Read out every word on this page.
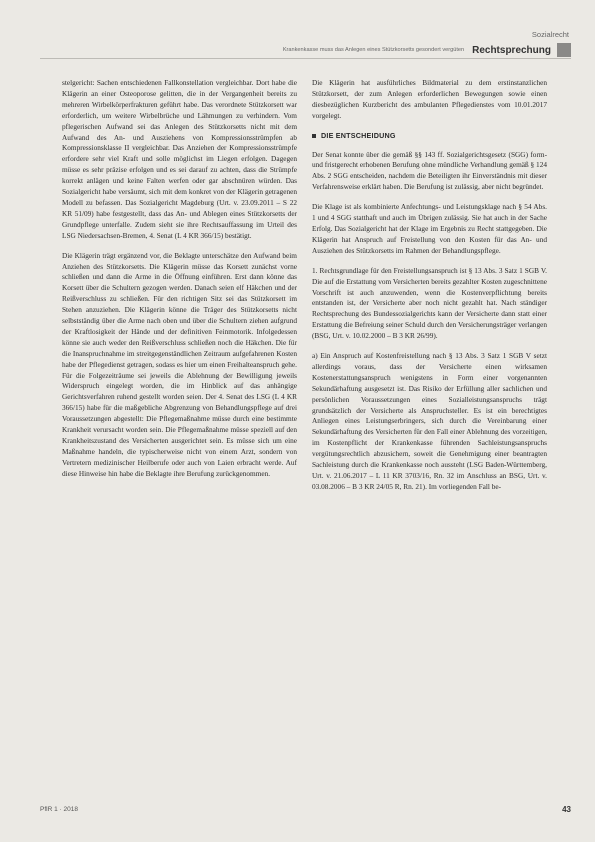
Sozialrecht
Krankenkasse muss das Anlegen eines Stützkorsetts gesondert vergüten Rechtsprechung

stelgericht: Sachen entschiedenen Fallkonstellation vergleichbar. Dort habe die Klägerin an einer Osteoporose gelitten, die in der Vergangenheit bereits zu mehreren Wirbelkörperfrakturen geführt habe. Das verordnete Stützkorsett war erforderlich, um weitere Wirbelbrüche und Lähmungen zu verhindern. Vom pflegerischen Aufwand sei das Anlegen des Stützkorsetts nicht mit dem Aufwand des An- und Ausziehens von Kompressionsstrümpfen ab Kompressionsklasse II vergleichbar. Das Anziehen der Kompressionsstrümpfe erfordere sehr viel Kraft und solle möglichst im Liegen erfolgen. Dagegen müsse es sehr präzise erfolgen und es sei darauf zu achten, dass die Strümpfe korrekt anlägen und keine Falten werfen oder gar abschnüren würden. Das Sozialgericht habe versäumt, sich mit dem konkret von der Klägerin getragenen Modell zu befassen. Das Sozialgericht Magdeburg (Urt. v. 23.09.2011 – S 22 KR 51/09) habe festgestellt, dass das An- und Ablegen eines Stützkorsetts der Grundpflege unterfalle. Zudem sieht sie ihre Rechtsauffassung im Urteil des LSG Niedersachsen-Bremen, 4. Senat (L 4 KR 366/15) bestätigt.

Die Klägerin trägt ergänzend vor, die Beklagte unterschätze den Aufwand beim Anziehen des Stützkorsetts. Die Klägerin müsse das Korsett zunächst vorne schließen und dann die Arme in die Öffnung einführen. Erst dann könne das Korsett über die Schultern gezogen werden. Danach seien elf Häkchen und der Reißverschluss zu schließen. Für den richtigen Sitz sei das Stützkorsett im Stehen anzuziehen. Die Klägerin könne die Träger des Stützkorsetts nicht selbstständig über die Arme nach oben und über die Schultern ziehen aufgrund der Kraftlosigkeit der Hände und der definitiven Feinmotorik. Infolgedessen könne sie auch weder den Reißverschluss schließen noch die Häkchen. Die für die Inanspruchnahme im streitgegenständlichen Zeitraum aufgefahrenen Kosten habe der Pflegedienst getragen, sodass es hier um einen Freihalteanspruch gehe. Für die Folgezeiträume sei jeweils die Ablehnung der Bewilligung jeweils Widerspruch eingelegt worden, die im Hinblick auf das anhängige Gerichtsverfahren ruhend gestellt worden seien. Der 4. Senat des LSG (L 4 KR 366/15) habe für die maßgebliche Abgrenzung von Behandlungspflege auf drei Voraussetzungen abgestellt: Die Pflegemaßnahme müsse durch eine bestimmte Krankheit verursacht worden sein. Die Pflegemaßnahme müsse speziell auf den Krankheitszustand des Versicherten ausgerichtet sein. Es müsse sich um eine Maßnahme handeln, die typischerweise nicht von einem Arzt, sondern von Vertretern medizinischer Heilberufe oder auch von Laien erbracht werde. Auf diese Hinweise hin habe die Beklagte ihre Berufung zurückgenommen.

Die Klägerin hat ausführliches Bildmaterial zu dem erstinstanzlichen Stützkorsett, der zum Anlegen erforderlichen Bewegungen sowie einen diesbezüglichen Kurzbericht des ambulanten Pflegedienstes vom 10.01.2017 vorgelegt.

DIE ENTSCHEIDUNG

Der Senat konnte über die gemäß §§ 143 ff. Sozialgerichtsgesetz (SGG) form- und fristgerecht erhobenen Berufung ohne mündliche Verhandlung gemäß § 124 Abs. 2 SGG entscheiden, nachdem die Beteiligten ihr Einverständnis mit dieser Verfahrensweise erklärt haben. Die Berufung ist zulässig, aber nicht begründet.

Die Klage ist als kombinierte Anfechtungs- und Leistungsklage nach § 54 Abs. 1 und 4 SGG statthaft und auch im Übrigen zulässig. Sie hat auch in der Sache Erfolg. Das Sozialgericht hat der Klage im Ergebnis zu Recht stattgegeben. Die Klägerin hat Anspruch auf Freistellung von den Kosten für das An- und Ausziehen des Stützkorsetts im Rahmen der Behandlungspflege.

1. Rechtsgrundlage für den Freistellungsanspruch ist § 13 Abs. 3 Satz 1 SGB V. Die auf die Erstattung vom Versicherten bereits gezahlter Kosten zugeschnittene Vorschrift ist auch anzuwenden, wenn die Kostenverpflichtung bereits entstanden ist, der Versicherte aber noch nicht gezahlt hat. Nach ständiger Rechtsprechung des Bundessozialgerichts kann der Versicherte dann statt einer Erstattung die Befreiung seiner Schuld durch den Versicherungsträger verlangen (BSG, Urt. v. 10.02.2000 – B 3 KR 26/99).

a) Ein Anspruch auf Kostenfreistellung nach § 13 Abs. 3 Satz 1 SGB V setzt allerdings voraus, dass der Versicherte einen wirksamen Kostenerstattungsanspruch wenigstens in Form einer vorgenannten Sekundärhaftung ausgesetzt ist. Das Risiko der Erfüllung aller sachlichen und persönlichen Voraussetzungen eines Sozialleistungsanspruchs trägt grundsätzlich der Versicherte als Anspruchsteller. Es ist ein berechtigtes Anliegen eines Leistungserbringers, sich durch die Vereinbarung einer Sekundärhaftung des Versicherten für den Fall einer Ablehnung des vorzeitigen, im Kostenpflicht der Krankenkasse führenden Sachleistungsanspruchs vergütungsrechtlich abzusichern, soweit die Genehmigung einer beantragten Sachleistung durch die Krankenkasse noch aussteht (LSG Baden-Württemberg, Urt. v. 21.06.2017 – L 11 KR 3703/16, Rn. 32 im Anschluss an BSG, Urt. v. 03.08.2006 – B 3 KR 24/05 R, Rn. 21). Im vorliegenden Fall be-

PflR 1 · 2018	43
